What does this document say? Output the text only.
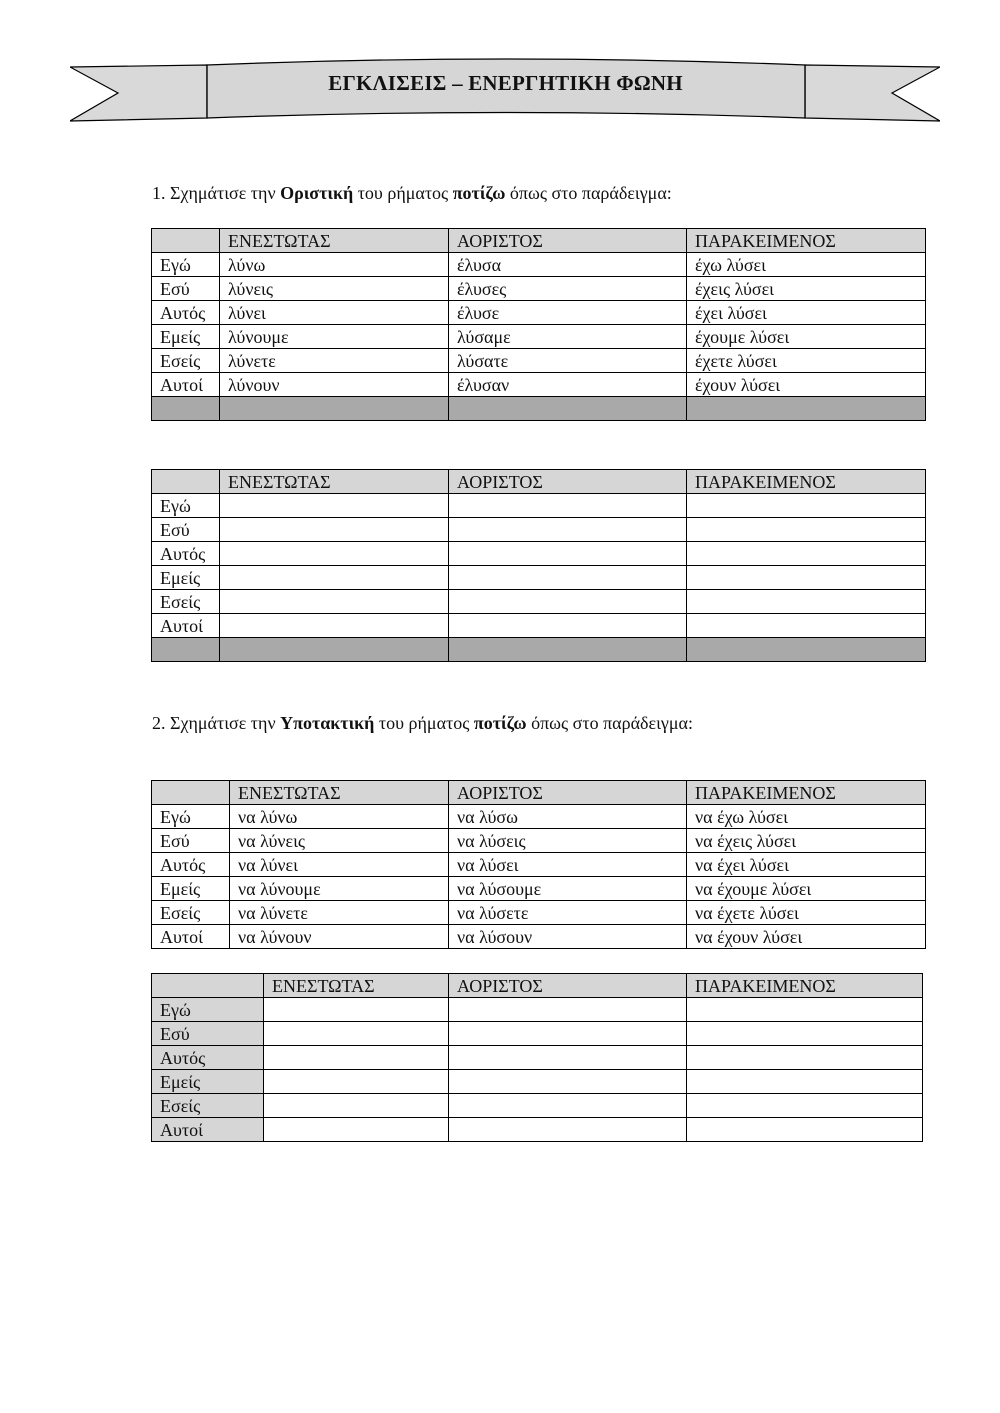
ΕΓΚΛΙΣΕΙΣ – ΕΝΕΡΓΗΤΙΚΗ ΦΩΝΗ
1. Σχημάτισε την Οριστική του ρήματος ποτίζω όπως στο παράδειγμα:
	ΕΝΕΣΤΩΤΑΣ	ΑΟΡΙΣΤΟΣ	ΠΑΡΑΚΕΙΜΕΝΟΣ
Εγώ	λύνω	έλυσα	έχω λύσει
Εσύ	λύνεις	έλυσες	έχεις λύσει
Αυτός	λύνει	έλυσε	έχει λύσει
Εμείς	λύνουμε	λύσαμε	έχουμε λύσει
Εσείς	λύνετε	λύσατε	έχετε λύσει
Αυτοί	λύνουν	έλυσαν	έχουν λύσει

	ΕΝΕΣΤΩΤΑΣ	ΑΟΡΙΣΤΟΣ	ΠΑΡΑΚΕΙΜΕΝΟΣ
Εγώ			
Εσύ			
Αυτός			
Εμείς			
Εσείς			
Αυτοί			

2. Σχημάτισε την Υποτακτική του ρήματος ποτίζω όπως στο παράδειγμα:
	ΕΝΕΣΤΩΤΑΣ	ΑΟΡΙΣΤΟΣ	ΠΑΡΑΚΕΙΜΕΝΟΣ
Εγώ	να λύνω	να λύσω	να έχω λύσει
Εσύ	να λύνεις	να λύσεις	να έχεις λύσει
Αυτός	να λύνει	να λύσει	να έχει λύσει
Εμείς	να λύνουμε	να λύσουμε	να έχουμε λύσει
Εσείς	να λύνετε	να λύσετε	να έχετε λύσει
Αυτοί	να λύνουν	να λύσουν	να έχουν λύσει
	ΕΝΕΣΤΩΤΑΣ	ΑΟΡΙΣΤΟΣ	ΠΑΡΑΚΕΙΜΕΝΟΣ
Εγώ			
Εσύ			
Αυτός			
Εμείς			
Εσείς			
Αυτοί			
